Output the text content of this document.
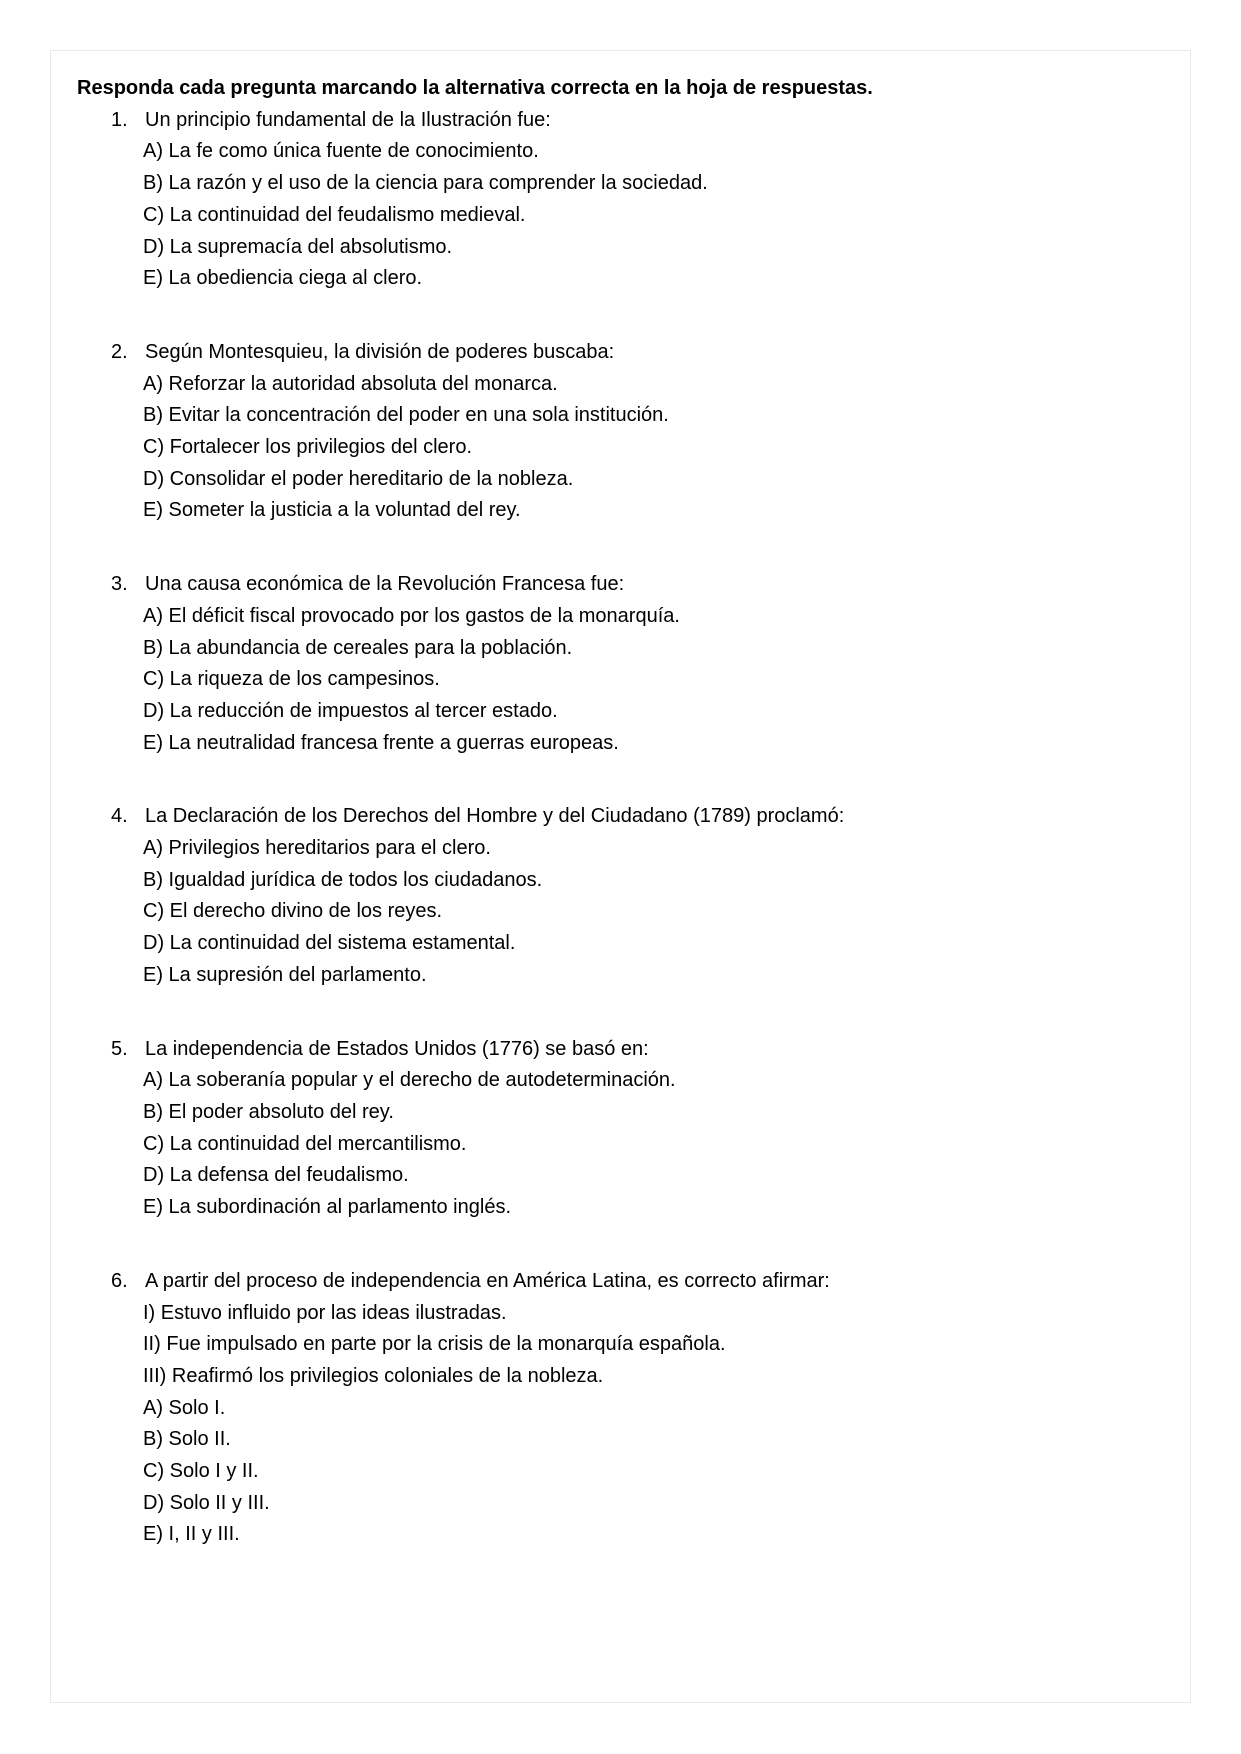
Responda cada pregunta marcando la alternativa correcta en la hoja de respuestas.
1. Un principio fundamental de la Ilustración fue:
A) La fe como única fuente de conocimiento.
B) La razón y el uso de la ciencia para comprender la sociedad.
C) La continuidad del feudalismo medieval.
D) La supremacía del absolutismo.
E) La obediencia ciega al clero.
2. Según Montesquieu, la división de poderes buscaba:
A) Reforzar la autoridad absoluta del monarca.
B) Evitar la concentración del poder en una sola institución.
C) Fortalecer los privilegios del clero.
D) Consolidar el poder hereditario de la nobleza.
E) Someter la justicia a la voluntad del rey.
3. Una causa económica de la Revolución Francesa fue:
A) El déficit fiscal provocado por los gastos de la monarquía.
B) La abundancia de cereales para la población.
C) La riqueza de los campesinos.
D) La reducción de impuestos al tercer estado.
E) La neutralidad francesa frente a guerras europeas.
4. La Declaración de los Derechos del Hombre y del Ciudadano (1789) proclamó:
A) Privilegios hereditarios para el clero.
B) Igualdad jurídica de todos los ciudadanos.
C) El derecho divino de los reyes.
D) La continuidad del sistema estamental.
E) La supresión del parlamento.
5. La independencia de Estados Unidos (1776) se basó en:
A) La soberanía popular y el derecho de autodeterminación.
B) El poder absoluto del rey.
C) La continuidad del mercantilismo.
D) La defensa del feudalismo.
E) La subordinación al parlamento inglés.
6. A partir del proceso de independencia en América Latina, es correcto afirmar:
I) Estuvo influido por las ideas ilustradas.
II) Fue impulsado en parte por la crisis de la monarquía española.
III) Reafirmó los privilegios coloniales de la nobleza.
A) Solo I.
B) Solo II.
C) Solo I y II.
D) Solo II y III.
E) I, II y III.
